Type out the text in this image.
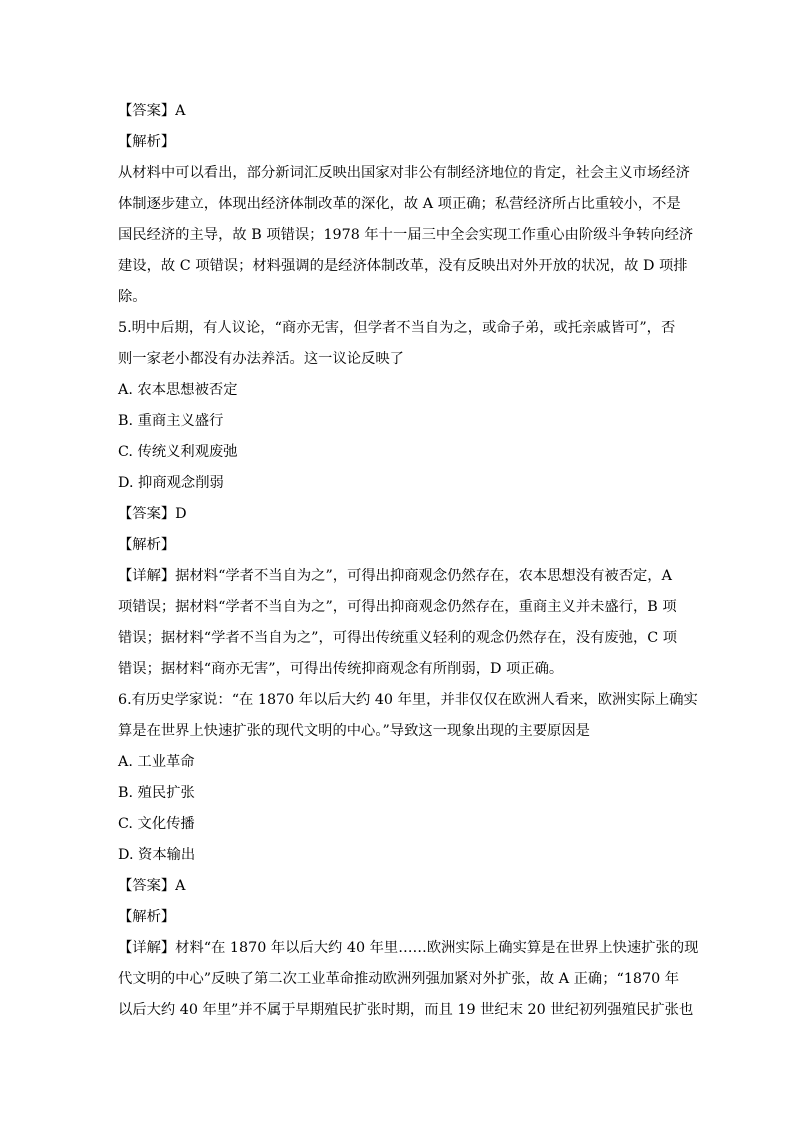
【答案】A
【解析】
从材料中可以看出，部分新词汇反映出国家对非公有制经济地位的肯定，社会主义市场经济
体制逐步建立，体现出经济体制改革的深化，故 A 项正确；私营经济所占比重较小，不是
国民经济的主导，故 B 项错误；1978 年十一届三中全会实现工作重心由阶级斗争转向经济
建设，故 C 项错误；材料强调的是经济体制改革，没有反映出对外开放的状况，故 D 项排
除。
5.明中后期，有人议论，“商亦无害，但学者不当自为之，或命子弟，或托亲戚皆可”，否
则一家老小都没有办法养活。这一议论反映了
A. 农本思想被否定
B. 重商主义盛行
C. 传统义利观废弛
D. 抑商观念削弱
【答案】D
【解析】
【详解】据材料“学者不当自为之”，可得出抑商观念仍然存在，农本思想没有被否定，A
项错误；据材料“学者不当自为之”，可得出抑商观念仍然存在，重商主义并未盛行，B 项
错误；据材料“学者不当自为之”，可得出传统重义轻利的观念仍然存在，没有废弛，C 项
错误；据材料“商亦无害”，可得出传统抑商观念有所削弱，D 项正确。
6.有历史学家说：“在 1870 年以后大约 40 年里，并非仅仅在欧洲人看来，欧洲实际上确实
算是在世界上快速扩张的现代文明的中心。”导致这一现象出现的主要原因是
A. 工业革命
B. 殖民扩张
C. 文化传播
D. 资本输出
【答案】A
【解析】
【详解】材料“在 1870 年以后大约 40 年里……欧洲实际上确实算是在世界上快速扩张的现
代文明的中心”反映了第二次工业革命推动欧洲列强加紧对外扩张，故 A 正确；“1870 年
以后大约 40 年里”并不属于早期殖民扩张时期，而且 19 世纪末 20 世纪初列强殖民扩张也
